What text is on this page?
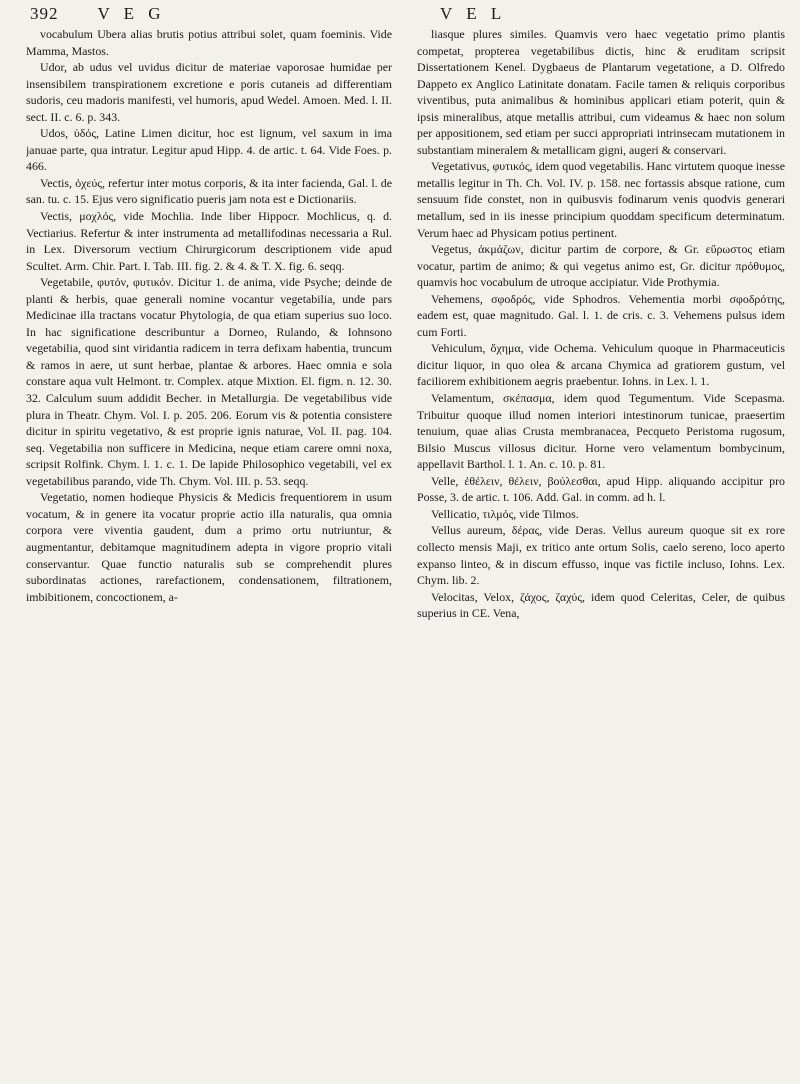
392 V E G	V E L

vocabulum Ubera alias brutis potius attribui solet, quam foeminis. Vide Mamma, Mastos.

Udor, ab udus vel uvidus dicitur de materiae vaporosae humidae per insensibilem transpirationem excretione e poris cutaneis ad differentiam sudoris, ceu madoris manifesti, vel humoris, apud Wedel. Amoen. Med. l. II. sect. II. c. 6. p. 343.

Udos, ὑδός, Latine Limen dicitur, hoc est lignum, vel saxum in ima januae parte, qua intratur. Legitur apud Hipp. 4. de artic. t. 64. Vide Foes. p. 466.

Vectis, ὀχεύς, refertur inter motus corporis, & ita inter facienda, Gal. l. de san. tu. c. 15. Ejus vero significatio pueris jam nota est e Dictionariis.

Vectis, μοχλός, vide Mochlia. Inde liber Hippocr. Mochlicus, q. d. Vectiarius. Refertur & inter instrumenta ad metallifodinas necessaria a Rul. in Lex. Diversorum vectium Chirurgicorum descriptionem vide apud Scultet. Arm. Chir. Part. I. Tab. III. fig. 2. & 4. & T. X. fig. 6. seqq.

Vegetabile, φυτόν, φυτικόν. Dicitur 1. de anima, vide Psyche; deinde de planti & herbis, quae generali nomine vocantur vegetabilia, unde pars Medicinae illa tractans vocatur Phytologia, de qua etiam superius suo loco. In hac significatione describuntur a Dorneo, Rulando, & Iohnsono vegetabilia, quod sint viridantia radicem in terra defixam habentia, truncum & ramos in aere, ut sunt herbae, plantae & arbores. Haec omnia e sola constare aqua vult Helmont. tr. Complex. atque Mixtion. El. figm. n. 12. 30. 32. Calculum suum addidit Becher. in Metallurgia. De vegetabilibus vide plura in Theatr. Chym. Vol. I. p. 205. 206. Eorum vis & potentia consistere dicitur in spiritu vegetativo, & est proprie ignis naturae, Vol. II. pag. 104. seq. Vegetabilia non sufficere in Medicina, neque etiam carere omni noxa, scripsit Rolfink. Chym. l. 1. c. 1. De lapide Philosophico vegetabili, vel ex vegetabilibus parando, vide Th. Chym. Vol. III. p. 53. seqq.

Vegetatio, nomen hodieque Physicis & Medicis frequentiorem in usum vocatum, & in genere ita vocatur proprie actio illa naturalis, qua omnia corpora vere viventia gaudent, dum a primo ortu nutriuntur, & augmentantur, debitamque magnitudinem adepta in vigore proprio vitali conservantur. Quae functio naturalis sub se comprehendit plures subordinatas actiones, rarefactionem, condensationem, filtrationem, imbibitionem, concoctionem, a-

liasque plures similes. Quamvis vero haec vegetatio primo plantis competat, propterea vegetabilibus dictis, hinc & eruditam scripsit Dissertationem Kenel. Dygbaeus de Plantarum vegetatione, a D. Olfredo Dappeto ex Anglico Latinitate donatam. Facile tamen & reliquis corporibus viventibus, puta animalibus & hominibus applicari etiam poterit, quin & ipsis mineralibus, atque metallis attribui, cum videamus & haec non solum per appositionem, sed etiam per succi appropriati intrinsecam mutationem in substantiam mineralem & metallicam gigni, augeri & conservari.

Vegetativus, φυτικός, idem quod vegetabilis. Hanc virtutem quoque inesse metallis legitur in Th. Ch. Vol. IV. p. 158. nec fortassis absque ratione, cum sensuum fide constet, non in quibusvis fodinarum venis quodvis generari metallum, sed in iis inesse principium quoddam specificum determinatum. Verum haec ad Physicam potius pertinent.

Vegetus, ἀκμάζων, dicitur partim de corpore, & Gr. εὔρωστος etiam vocatur, partim de animo; & qui vegetus animo est, Gr. dicitur πρόθυμος, quamvis hoc vocabulum de utroque accipiatur. Vide Prothymia.

Vehemens, σφοδρός, vide Sphodros. Vehementia morbi σφοδρότης, eadem est, quae magnitudo. Gal. l. 1. de cris. c. 3. Vehemens pulsus idem cum Forti.

Vehiculum, ὄχημα, vide Ochema. Vehiculum quoque in Pharmaceuticis dicitur liquor, in quo olea & arcana Chymica ad gratiorem gustum, vel faciliorem exhibitionem aegris praebentur. Iohns. in Lex. l. 1.

Velamentum, σκέπασμα, idem quod Tegumentum. Vide Scepasma. Tribuitur quoque illud nomen interiori intestinorum tunicae, praesertim tenuium, quae alias Crusta membranacea, Pecqueto Peristoma rugosum, Bilsio Muscus villosus dicitur. Horne vero velamentum bombycinum, appellavit Barthol. l. 1. An. c. 10. p. 81.

Velle, ἐθέλειν, θέλειν, βούλεσθαι, apud Hipp. aliquando accipitur pro Posse, 3. de artic. t. 106. Add. Gal. in comm. ad h. l.

Vellicatio, τιλμός, vide Tilmos.

Vellus aureum, δέρας, vide Deras. Vellus aureum quoque sit ex rore collecto mensis Maji, ex tritico ante ortum Solis, caelo sereno, loco aperto expanso linteo, & in discum effusso, inque vas fictile incluso, Iohns. Lex. Chym. lib. 2.

Velocitas, Velox, ζάχος, ζαχύς, idem quod Celeritas, Celer, de quibus superius in CE. Vena,
